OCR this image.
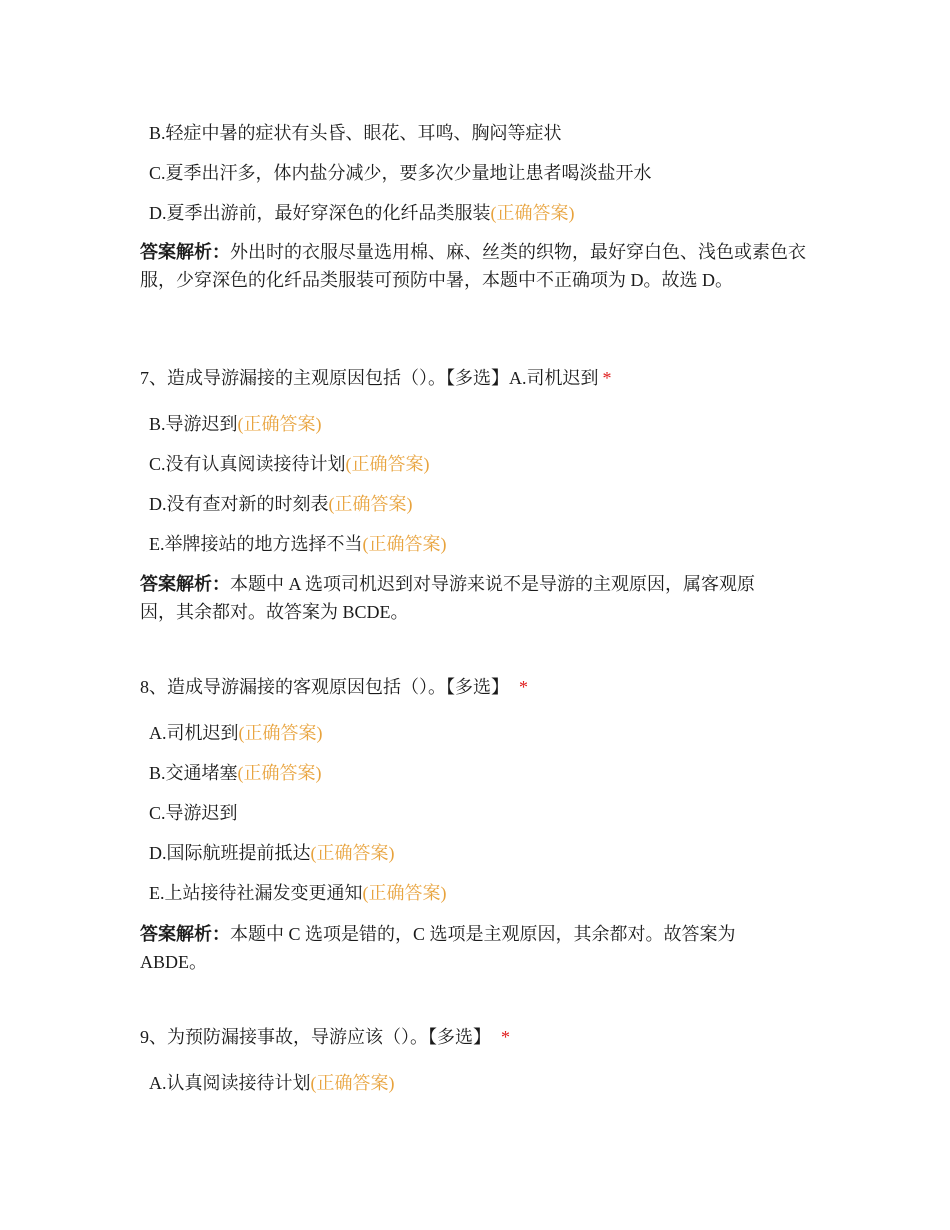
B.轻症中暑的症状有头昏、眼花、耳鸣、胸闷等症状
C.夏季出汗多，体内盐分减少，要多次少量地让患者喝淡盐开水
D.夏季出游前，最好穿深色的化纤品类服装(正确答案)
答案解析：外出时的衣服尽量选用棉、麻、丝类的织物，最好穿白色、浅色或素色衣服，少穿深色的化纤品类服装可预防中暑，本题中不正确项为 D。故选 D。
7、造成导游漏接的主观原因包括（）。【多选】A.司机迟到 *
B.导游迟到(正确答案)
C.没有认真阅读接待计划(正确答案)
D.没有查对新的时刻表(正确答案)
E.举牌接站的地方选择不当(正确答案)
答案解析：本题中 A 选项司机迟到对导游来说不是导游的主观原因，属客观原因，其余都对。故答案为 BCDE。
8、造成导游漏接的客观原因包括（）。【多选】 *
A.司机迟到(正确答案)
B.交通堵塞(正确答案)
C.导游迟到
D.国际航班提前抵达(正确答案)
E.上站接待社漏发变更通知(正确答案)
答案解析：本题中 C 选项是错的，C 选项是主观原因，其余都对。故答案为 ABDE。
9、为预防漏接事故，导游应该（）。【多选】 *
A.认真阅读接待计划(正确答案)
